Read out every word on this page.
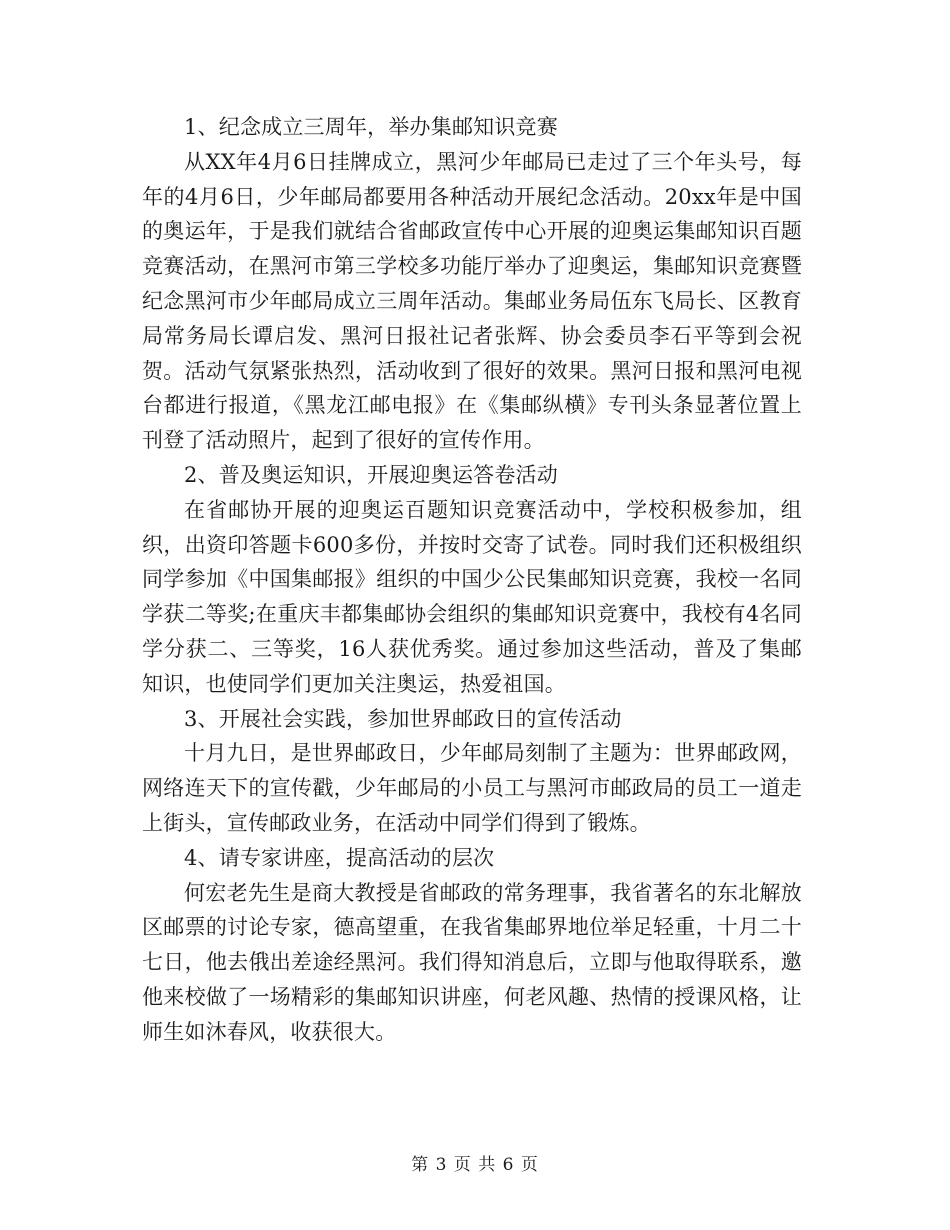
1、纪念成立三周年，举办集邮知识竞赛

从XX年4月6日挂牌成立，黑河少年邮局已走过了三个年头号，每年的4月6日，少年邮局都要用各种活动开展纪念活动。20xx年是中国的奥运年，于是我们就结合省邮政宣传中心开展的迎奥运集邮知识百题竞赛活动，在黑河市第三学校多功能厅举办了迎奥运，集邮知识竞赛暨纪念黑河市少年邮局成立三周年活动。集邮业务局伍东飞局长、区教育局常务局长谭启发、黑河日报社记者张辉、协会委员李石平等到会祝贺。活动气氛紧张热烈，活动收到了很好的效果。黑河日报和黑河电视台都进行报道，《黑龙江邮电报》在《集邮纵横》专刊头条显著位置上刊登了活动照片，起到了很好的宣传作用。

2、普及奥运知识，开展迎奥运答卷活动

在省邮协开展的迎奥运百题知识竞赛活动中，学校积极参加，组织，出资印答题卡600多份，并按时交寄了试卷。同时我们还积极组织同学参加《中国集邮报》组织的中国少公民集邮知识竞赛，我校一名同学获二等奖;在重庆丰都集邮协会组织的集邮知识竞赛中，我校有4名同学分获二、三等奖，16人获优秀奖。通过参加这些活动，普及了集邮知识，也使同学们更加关注奥运，热爱祖国。

3、开展社会实践，参加世界邮政日的宣传活动

十月九日，是世界邮政日，少年邮局刻制了主题为：世界邮政网，网络连天下的宣传戳，少年邮局的小员工与黑河市邮政局的员工一道走上街头，宣传邮政业务，在活动中同学们得到了锻炼。

4、请专家讲座，提高活动的层次

何宏老先生是商大教授是省邮政的常务理事，我省著名的东北解放区邮票的讨论专家，德高望重，在我省集邮界地位举足轻重，十月二十七日，他去俄出差途经黑河。我们得知消息后，立即与他取得联系，邀他来校做了一场精彩的集邮知识讲座，何老风趣、热情的授课风格，让师生如沐春风，收获很大。

第 3 页 共 6 页
